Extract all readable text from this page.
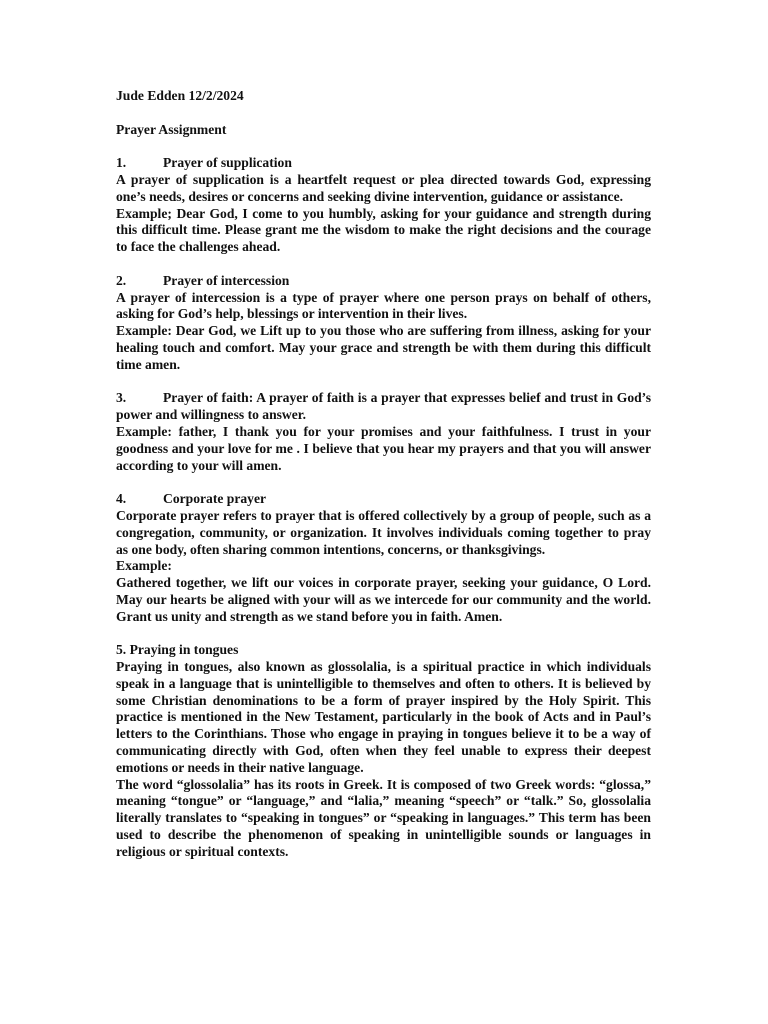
Jude Edden 12/2/2024

Prayer Assignment

1.	Prayer of supplication

A prayer of supplication is a heartfelt request or plea directed towards God, expressing one’s needs, desires or concerns and seeking divine intervention, guidance or assistance.

Example; Dear God, I come to you humbly, asking for your guidance and strength during this difficult time. Please grant me the wisdom to make the right decisions and the courage to face the challenges ahead.

2.	Prayer of intercession

A prayer of intercession is a type of prayer where one person prays on behalf of others, asking for God’s help, blessings or intervention in their lives.

Example: Dear God, we Lift up to you those who are suffering from illness, asking for your healing touch and comfort. May your grace and strength be with them during this difficult time amen.

3.	Prayer of faith: A prayer of faith is a prayer that expresses belief and trust in God’s power and willingness to answer.

Example: father, I thank you for your promises and your faithfulness. I trust in your goodness and your love for me . I believe that you hear my prayers and that you will answer according to your will amen.

4.	Corporate prayer

Corporate prayer refers to prayer that is offered collectively by a group of people, such as a congregation, community, or organization. It involves individuals coming together to pray as one body, often sharing common intentions, concerns, or thanksgivings.

Example:

Gathered together, we lift our voices in corporate prayer, seeking your guidance, O Lord. May our hearts be aligned with your will as we intercede for our community and the world. Grant us unity and strength as we stand before you in faith. Amen.

5. Praying in tongues

Praying in tongues, also known as glossolalia, is a spiritual practice in which individuals speak in a language that is unintelligible to themselves and often to others. It is believed by some Christian denominations to be a form of prayer inspired by the Holy Spirit. This practice is mentioned in the New Testament, particularly in the book of Acts and in Paul’s letters to the Corinthians. Those who engage in praying in tongues believe it to be a way of communicating directly with God, often when they feel unable to express their deepest emotions or needs in their native language.

The word “glossolalia” has its roots in Greek. It is composed of two Greek words: “glossa,” meaning “tongue” or “language,” and “lalia,” meaning “speech” or “talk.” So, glossolalia literally translates to “speaking in tongues” or “speaking in languages.” This term has been used to describe the phenomenon of speaking in unintelligible sounds or languages in religious or spiritual contexts.
